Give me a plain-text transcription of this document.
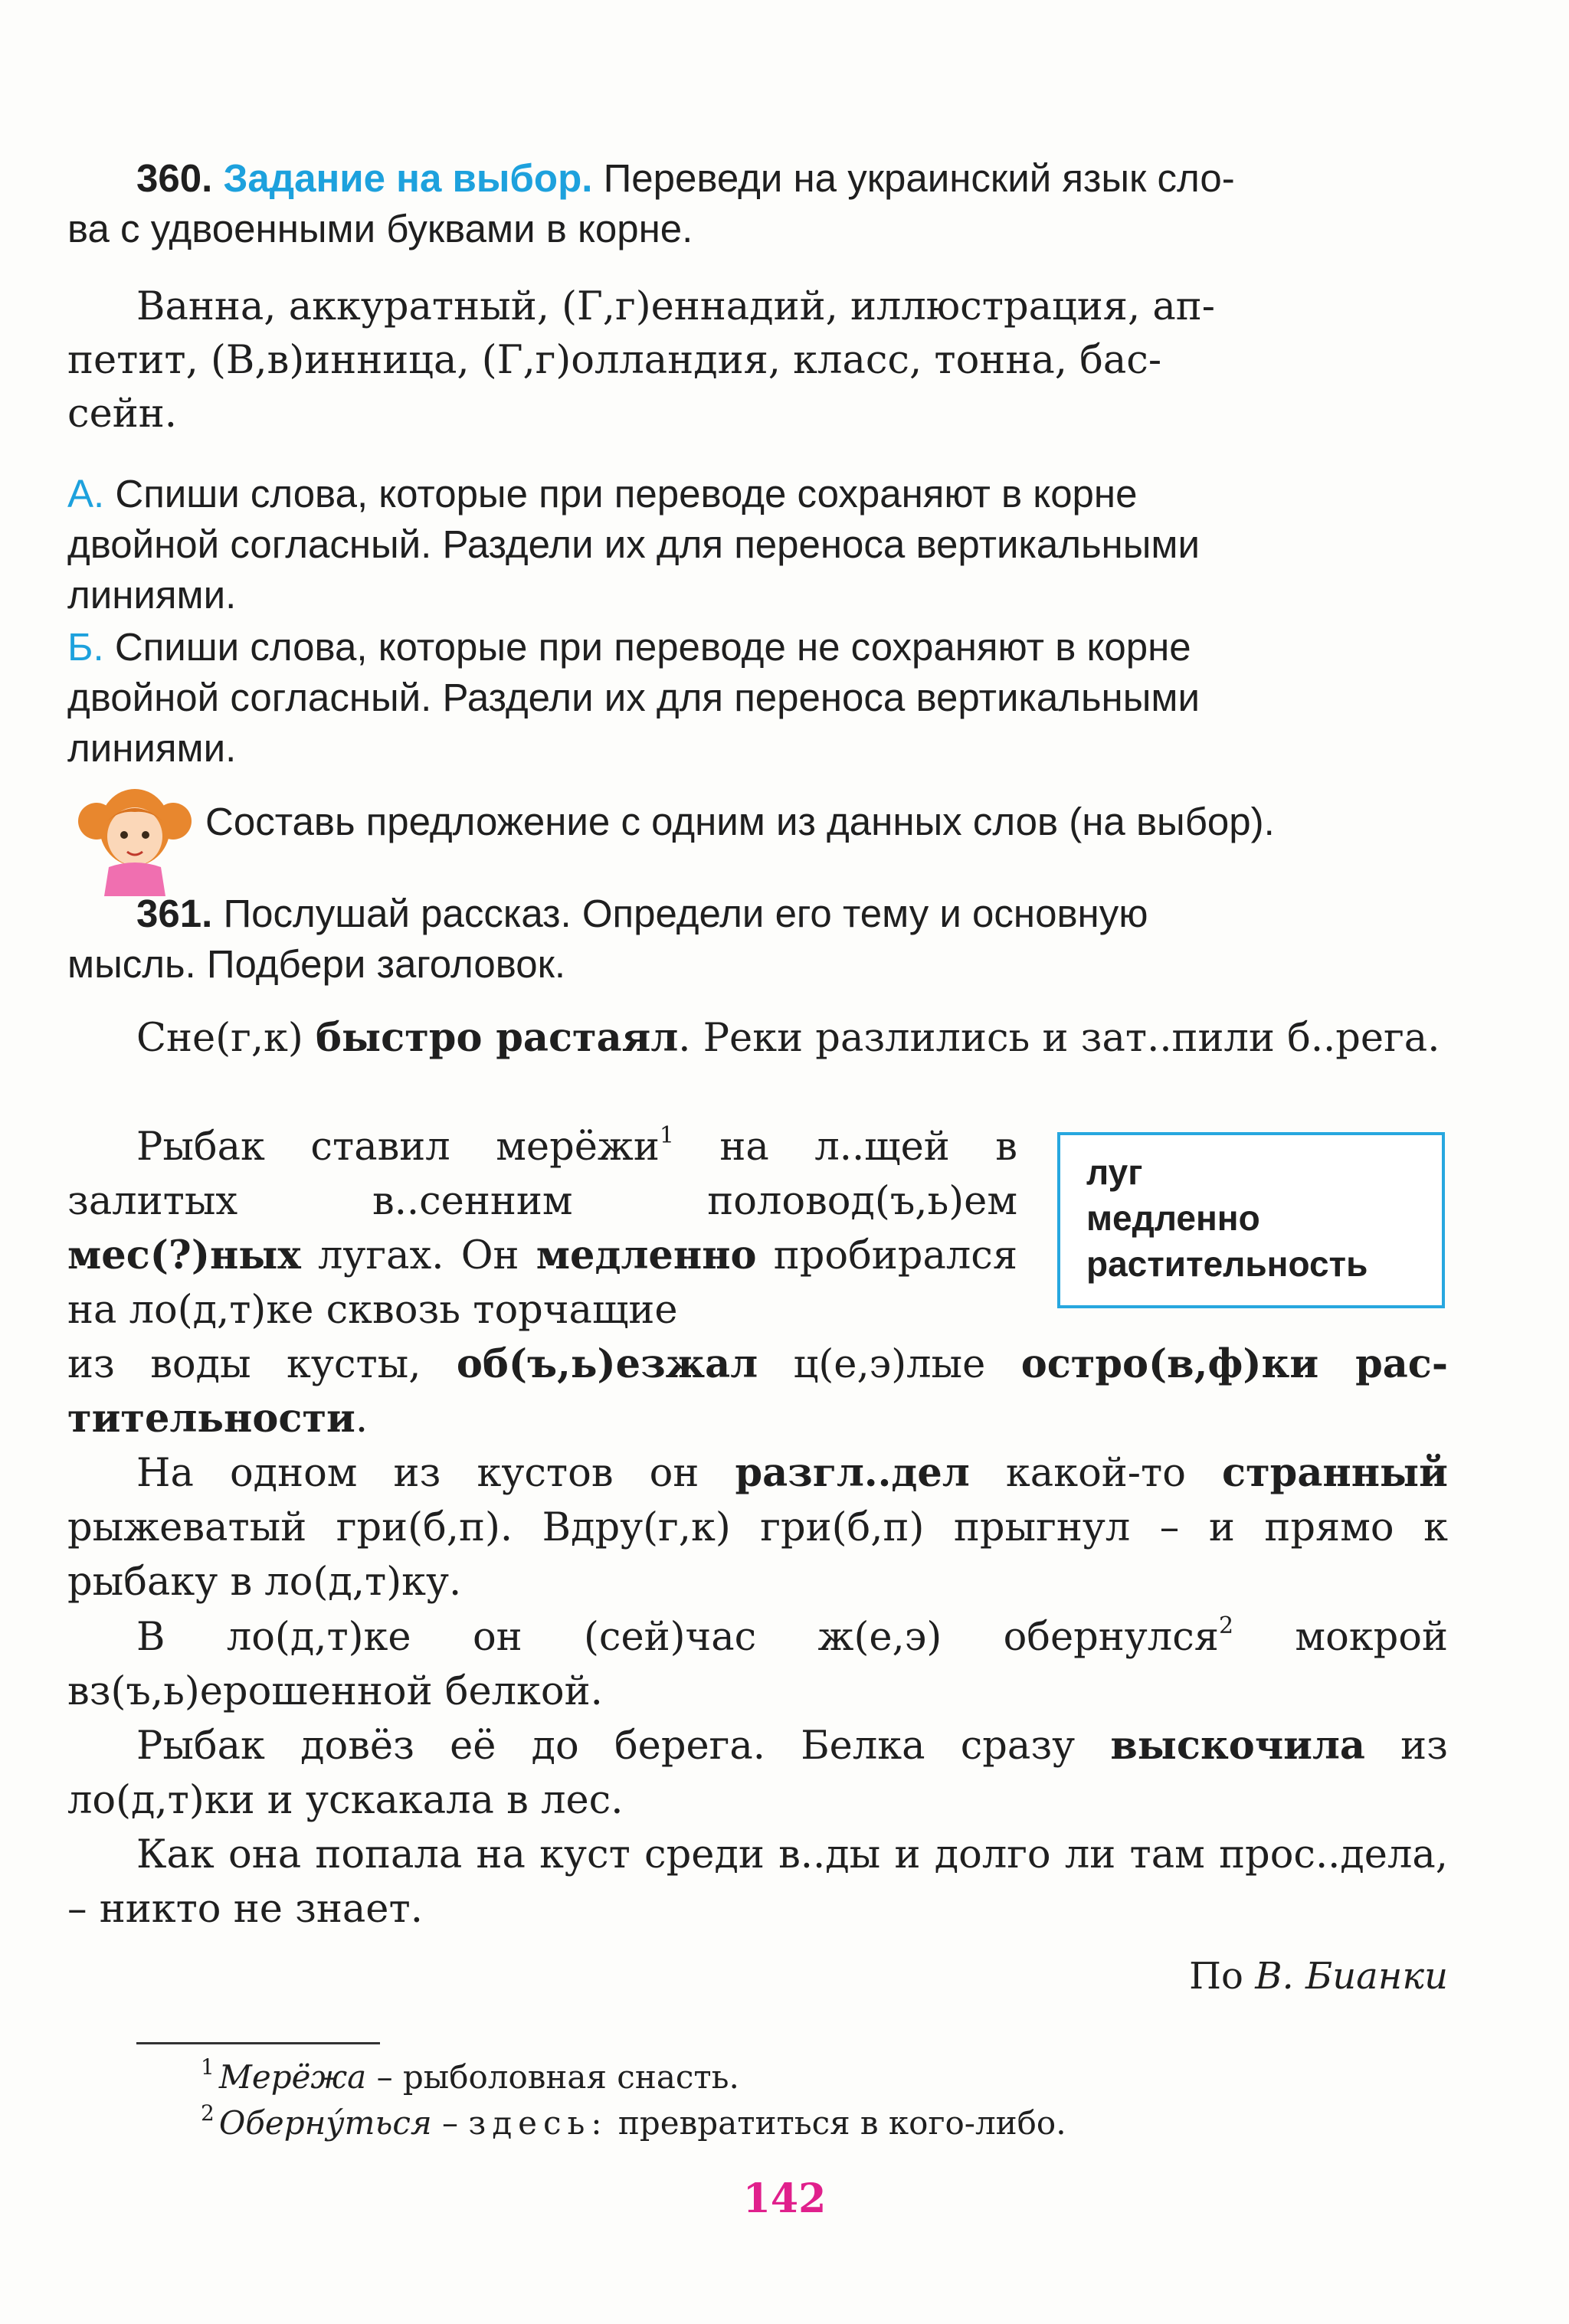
360. Задание на выбор. Переведи на украинский язык сло-
ва с удвоенными буквами в корне.
Ванна, аккуратный, (Г,г)еннадий, иллюстрация, ап-
петит, (В,в)инница, (Г,г)олландия, класс, тонна, бас-
сейн.
А. Спиши слова, которые при переводе сохраняют в корне
двойной согласный. Раздели их для переноса вертикальными
линиями.
Б. Спиши слова, которые при переводе не сохраняют в корне
двойной согласный. Раздели их для переноса вертикальными
линиями.
Составь предложение с одним из данных слов (на выбор).
361. Послушай рассказ. Определи его тему и основную
мысль. Подбери заголовок.
Сне(г,к) быстро растаял. Реки разлились и зат..пили б..рега.
Рыбак ставил мерёжи$^1$ на л..щей в залитых в..сенним половод(ъ,ь)ем мес(?)ных лугах. Он медленно пробирался на ло(д,т)ке сквозь торчащие
из воды кусты, об(ъ,ь)езжал ц(е,э)лые остро(в,ф)ки растительности.
На одном из кустов он разгл..дел какой-то странный рыжеватый гри(б,п). Вдру(г,к) гри(б,п) прыгнул – и прямо к рыбаку в ло(д,т)ку.
В ло(д,т)ке он (сей)час ж(е,э) обернулся$^2$ мокрой вз(ъ,ь)ерошенной белкой.
Рыбак довёз её до берега. Белка сразу выскочила из ло(д,т)ки и ускакала в лес.
Как она попала на куст среди в..ды и долго ли там прос..дела, – никто не знает.
луг
медленно
растительность
По В. Бианки
$^1$ Мерёжа – рыболовная снасть.
$^2$ Оберну́ться – здесь: превратиться в кого-либо.
142
